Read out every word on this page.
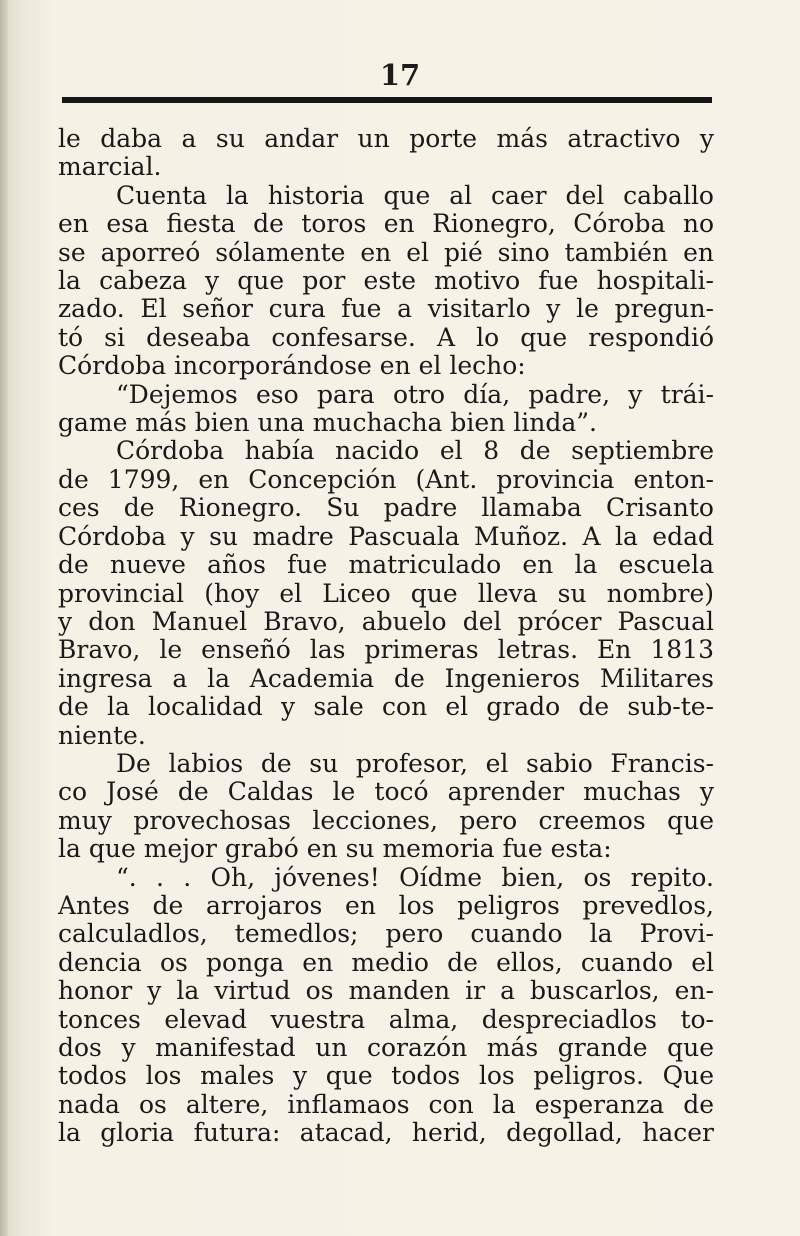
17

le daba a su andar un porte más atractivo y
marcial.
Cuenta la historia que al caer del caballo
en esa fiesta de toros en Rionegro, Córoba no
se aporreó sólamente en el pié sino también en
la cabeza y que por este motivo fue hospitali-
zado. El señor cura fue a visitarlo y le pregun-
tó si deseaba confesarse. A lo que respondió
Córdoba incorporándose en el lecho:
“Dejemos eso para otro día, padre, y trái-
game más bien una muchacha bien linda”.
Córdoba había nacido el 8 de septiembre
de 1799, en Concepción (Ant. provincia enton-
ces de Rionegro. Su padre llamaba Crisanto
Córdoba y su madre Pascuala Muñoz. A la edad
de nueve años fue matriculado en la escuela
provincial (hoy el Liceo que lleva su nombre)
y don Manuel Bravo, abuelo del prócer Pascual
Bravo, le enseñó las primeras letras. En 1813
ingresa a la Academia de Ingenieros Militares
de la localidad y sale con el grado de sub-te-
niente.
De labios de su profesor, el sabio Francis-
co José de Caldas le tocó aprender muchas y
muy provechosas lecciones, pero creemos que
la que mejor grabó en su memoria fue esta:
“. . . Oh, jóvenes! Oídme bien, os repito.
Antes de arrojaros en los peligros prevedlos,
calculadlos, temedlos; pero cuando la Provi-
dencia os ponga en medio de ellos, cuando el
honor y la virtud os manden ir a buscarlos, en-
tonces elevad vuestra alma, despreciadlos to-
dos y manifestad un corazón más grande que
todos los males y que todos los peligros. Que
nada os altere, inflamaos con la esperanza de
la gloria futura: atacad, herid, degollad, hacer
